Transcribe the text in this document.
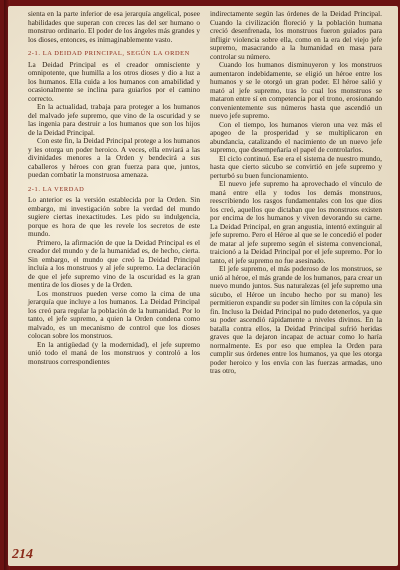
sienta en la parte inferior de esa jerarquía angelical, posee habilidades que superan con creces las del ser humano o monstruo ordinario. El poder de los ángeles más grandes y los dioses, entonces, es inimaginablemente vasto.

2-1. LA DEIDAD PRINCIPAL, SEGÚN LA ORDEN

La Deidad Principal es el creador omnisciente y omnipotente, que humilla a los otros dioses y dio a luz a los humanos. Ella cuida a los humanos con amabilidad y ocasionalmente se inclina para guiarlos por el camino correcto.

En la actualidad, trabaja para proteger a los humanos del malvado jefe supremo, que vino de la oscuridad y se las ingenia para destruir a los humanos que son los hijos de la Deidad Principal.

Con este fin, la Deidad Principal protege a los humanos y les otorga un poder heroico. A veces, ella enviará a las divinidades menores a la Orden y bendecirá a sus caballeros y héroes con gran fuerza para que, juntos, puedan combatir la monstruosa amenaza.

2-1. LA VERDAD

Lo anterior es la versión establecida por la Orden. Sin embargo, mi investigación sobre la verdad del mundo sugiere ciertas inexactitudes. Les pido su indulgencia, porque es hora de que les revele los secretos de este mundo.

Primero, la afirmación de que la Deidad Principal es el creador del mundo y de la humanidad es, de hecho, cierta. Sin embargo, el mundo que creó la Deidad Principal incluía a los monstruos y al jefe supremo. La declaración de que el jefe supremo vino de la oscuridad es la gran mentira de los dioses y de la Orden.

Los monstruos pueden verse como la cima de una jerarquía que incluye a los humanos. La Deidad Principal los creó para regular la población de la humanidad. Por lo tanto, el jefe supremo, a quien la Orden condena como malvado, es un mecanismo de control que los dioses colocan sobre los monstruos.

En la antigüedad (y la modernidad), el jefe supremo unió todo el maná de los monstruos y controló a los monstruos correspondientes

indirectamente según las órdenes de la Deidad Principal. Cuando la civilización floreció y la población humana creció desenfrenada, los monstruos fueron guiados para infligir violencia sobre ella, como en la era del viejo jefe supremo, masacrando a la humanidad en masa para controlar su número.

Cuando los humanos disminuyeron y los monstruos aumentaron indebidamente, se eligió un héroe entre los humanos y se le otorgó un gran poder. El héroe salió y mató al jefe supremo, tras lo cual los monstruos se mataron entre sí en competencia por el trono, erosionando convenientemente sus números hasta que ascendió un nuevo jefe supremo.

Con el tiempo, los humanos vieron una vez más el apogeo de la prosperidad y se multiplicaron en abundancia, catalizando el nacimiento de un nuevo jefe supremo, que desempeñaría el papel de controlarlos.

El ciclo continuó. Ese era el sistema de nuestro mundo, hasta que cierto súcubo se convirtió en jefe supremo y perturbó su buen funcionamiento.

El nuevo jefe supremo ha aprovechado el vínculo de maná entre ella y todos los demás monstruos, reescribiendo los rasgos fundamentales con los que dios los creó, aquellos que dictaban que los monstruos existen por encima de los humanos y viven devorando su carne. La Deidad Principal, en gran angustia, intentó extinguir al jefe supremo. Pero el Héroe al que se le concedió el poder de matar al jefe supremo según el sistema convencional, traicionó a la Deidad Principal por el jefe supremo. Por lo tanto, el jefe supremo no fue asesinado.

El jefe supremo, el más poderoso de los monstruos, se unió al héroe, el más grande de los humanos, para crear un nuevo mundo juntos. Sus naturalezas (el jefe supremo una súcubo, el Héroe un íncubo hecho por su mano) les permitieron expandir su poder sin límites con la cópula sin fin. Incluso la Deidad Principal no pudo detenerlos, ya que su poder ascendió rápidamente a niveles divinos. En la batalla contra ellos, la Deidad Principal sufrió heridas graves que la dejaron incapaz de actuar como lo haría normalmente. Es por eso que emplea la Orden para cumplir sus órdenes entre los humanos, ya que les otorga poder heroico y los envía con las fuerzas armadas, uno tras otro,

214
